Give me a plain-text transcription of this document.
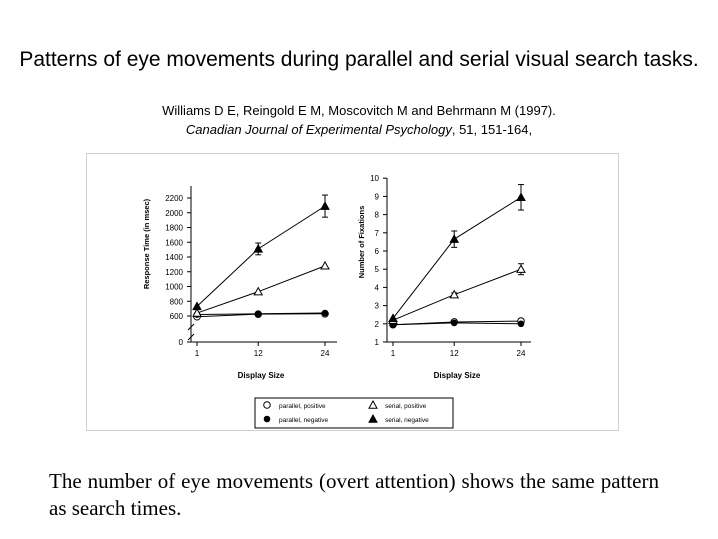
Patterns of eye movements during parallel and serial visual search tasks.
Williams D E, Reingold E M, Moscovitch M and Behrmann M (1997).
Canadian Journal of Experimental Psychology, 51, 151-164,
0
600
800
1000
1200
1400
1600
1800
2000
2200
1	12	24
Display Size
Response Time (in msec)
1
2
3
4
5
6
7
8
9
10
1	12	24
Display Size
Number of Fixations
parallel, positive	serial, positive
parallel, negative	serial, negative
The number of eye movements (overt attention) shows the same pattern as search times.
